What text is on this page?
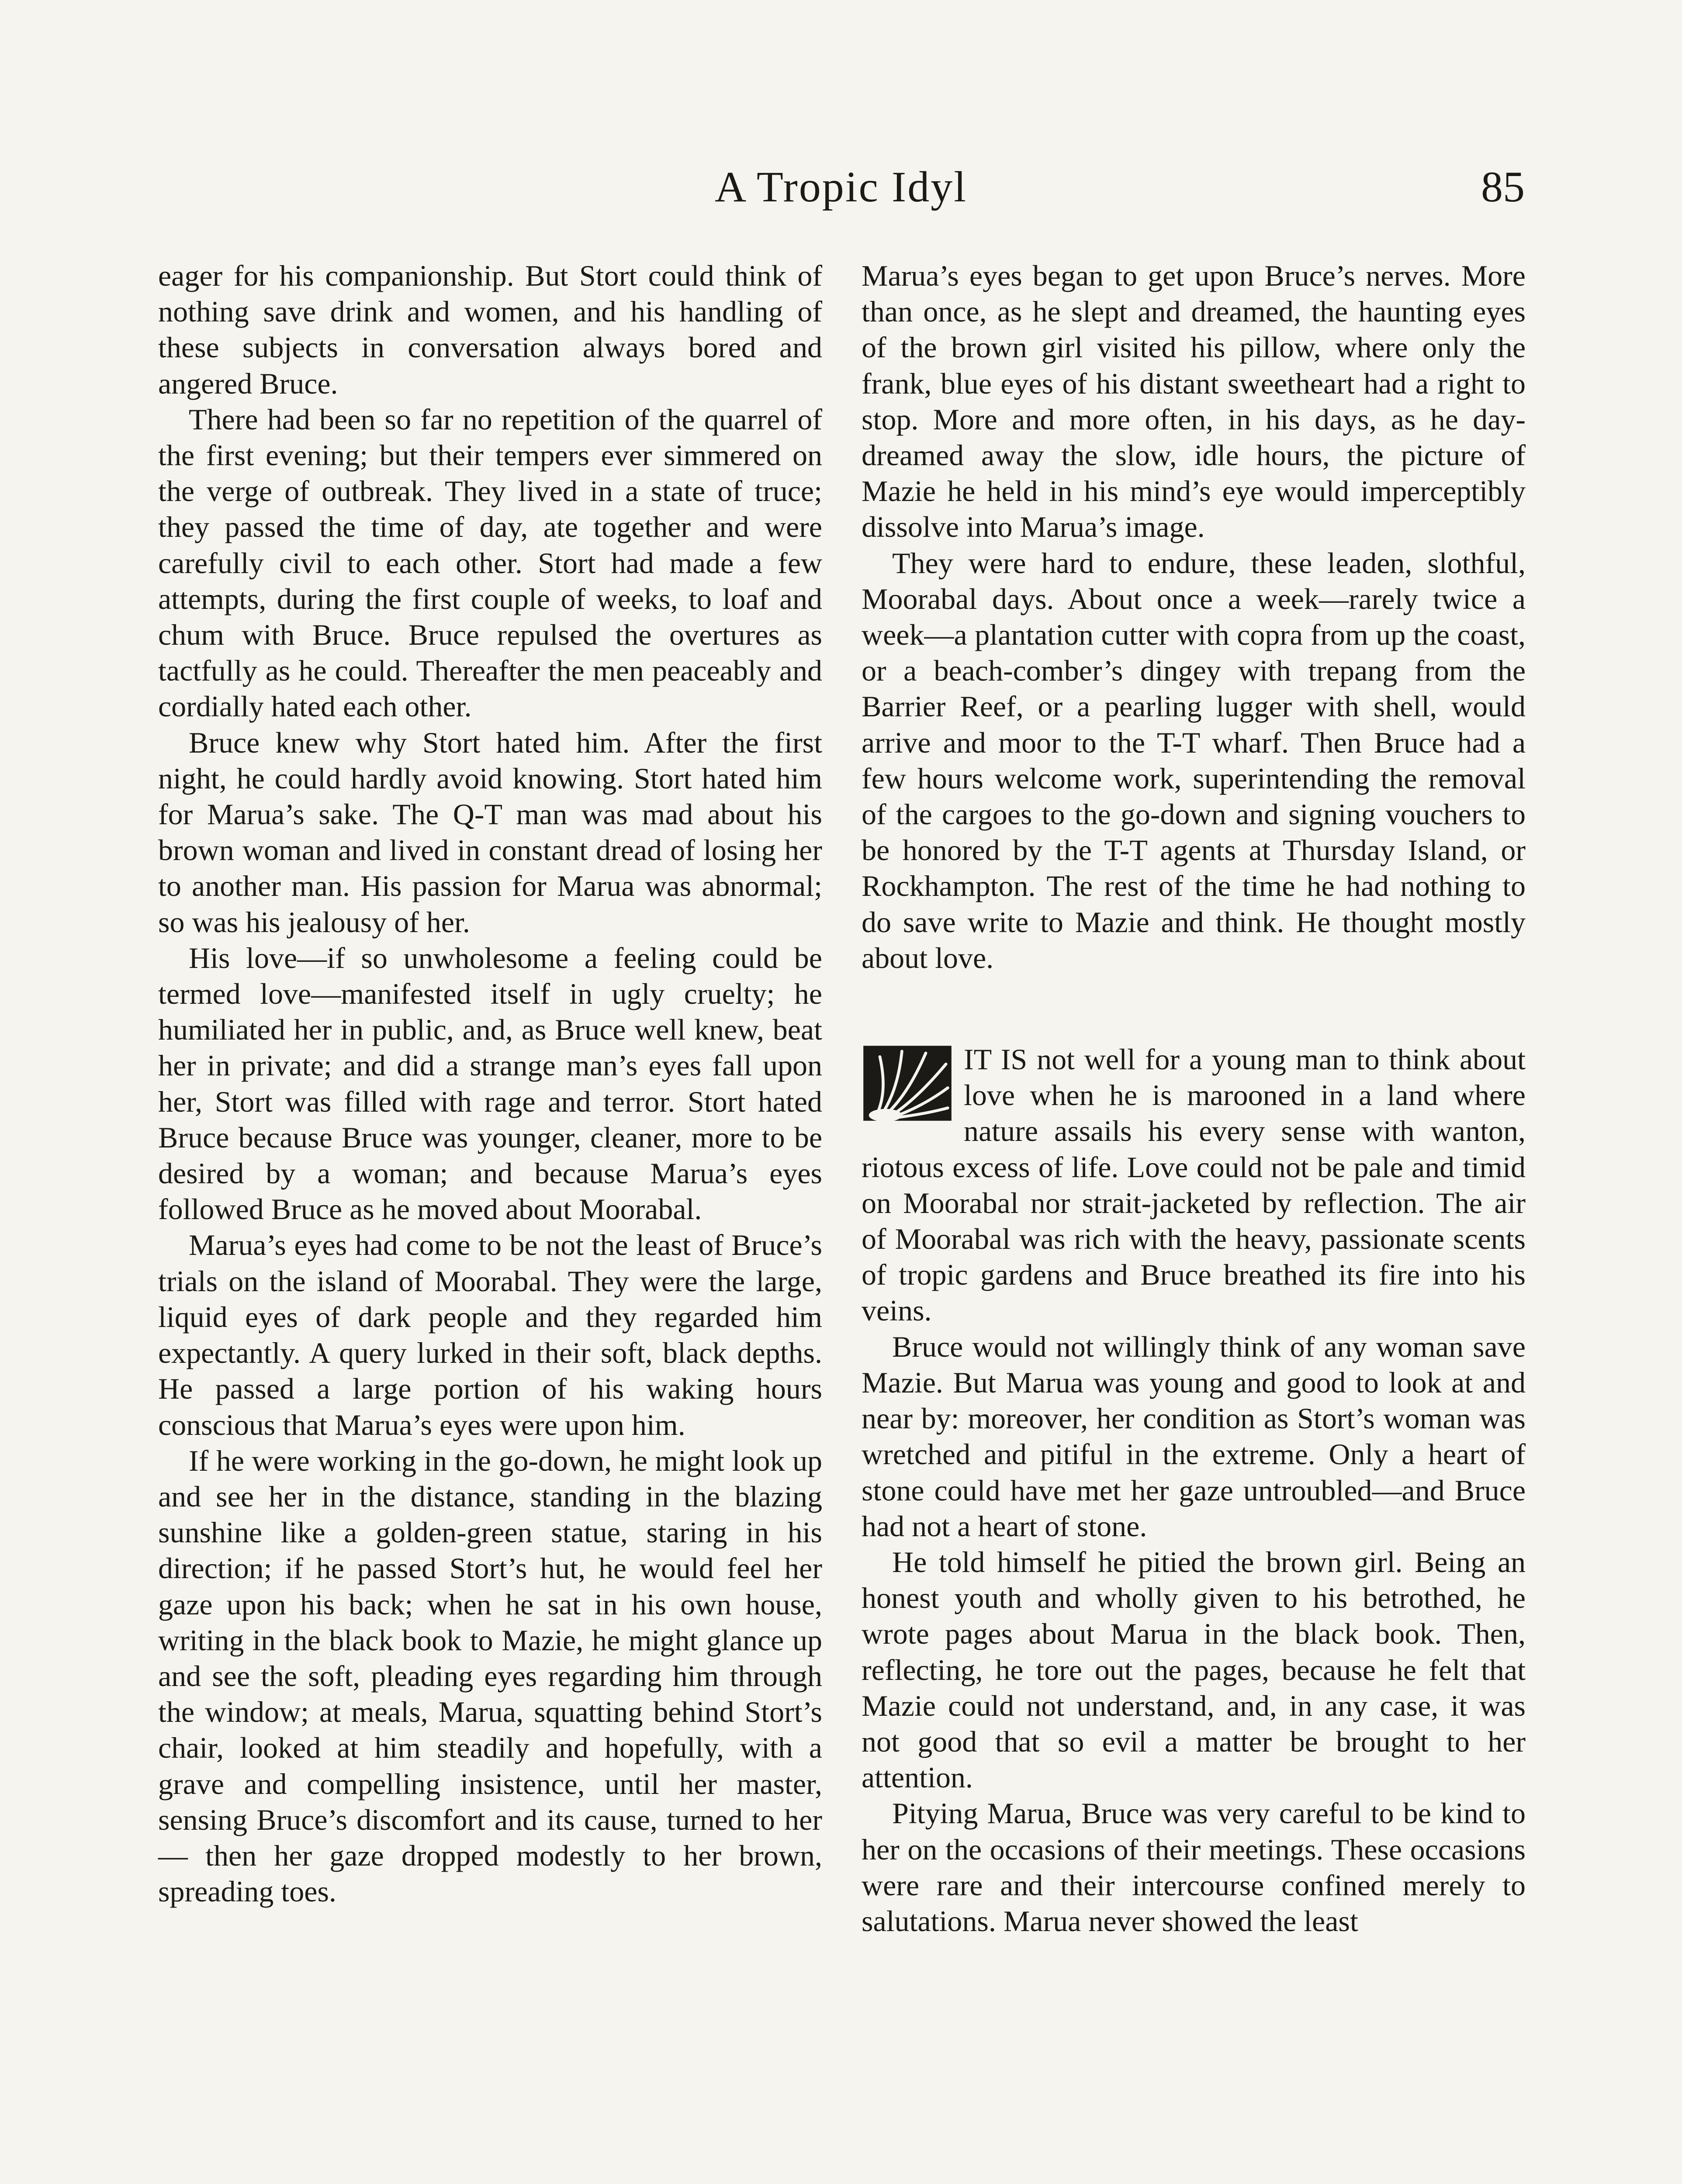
A Tropic Idyl	85

eager for his companionship. But Stort could think of nothing save drink and women, and his handling of these subjects in conversation always bored and angered Bruce.

There had been so far no repetition of the quarrel of the first evening; but their tempers ever simmered on the verge of outbreak. They lived in a state of truce; they passed the time of day, ate together and were carefully civil to each other. Stort had made a few attempts, during the first couple of weeks, to loaf and chum with Bruce. Bruce repulsed the overtures as tactfully as he could. Thereafter the men peaceably and cordially hated each other.

Bruce knew why Stort hated him. After the first night, he could hardly avoid knowing. Stort hated him for Marua’s sake. The Q-T man was mad about his brown woman and lived in constant dread of losing her to another man. His passion for Marua was abnormal; so was his jealousy of her.

His love—if so unwholesome a feeling could be termed love—manifested itself in ugly cruelty; he humiliated her in public, and, as Bruce well knew, beat her in private; and did a strange man’s eyes fall upon her, Stort was filled with rage and terror. Stort hated Bruce because Bruce was younger, cleaner, more to be desired by a woman; and because Marua’s eyes followed Bruce as he moved about Moorabal.

Marua’s eyes had come to be not the least of Bruce’s trials on the island of Moorabal. They were the large, liquid eyes of dark people and they regarded him expectantly. A query lurked in their soft, black depths. He passed a large portion of his waking hours conscious that Marua’s eyes were upon him.

If he were working in the go-down, he might look up and see her in the distance, standing in the blazing sunshine like a golden-green statue, staring in his direction; if he passed Stort’s hut, he would feel her gaze upon his back; when he sat in his own house, writing in the black book to Mazie, he might glance up and see the soft, pleading eyes regarding him through the window; at meals, Marua, squatting behind Stort’s chair, looked at him steadily and hopefully, with a grave and compelling insistence, until her master, sensing Bruce’s discomfort and its cause, turned to her— then her gaze dropped modestly to her brown, spreading toes.

Marua’s eyes began to get upon Bruce’s nerves. More than once, as he slept and dreamed, the haunting eyes of the brown girl visited his pillow, where only the frank, blue eyes of his distant sweetheart had a right to stop. More and more often, in his days, as he day-dreamed away the slow, idle hours, the picture of Mazie he held in his mind’s eye would imperceptibly dissolve into Marua’s image.

They were hard to endure, these leaden, slothful, Moorabal days. About once a week—rarely twice a week—a plantation cutter with copra from up the coast, or a beach-comber’s dingey with trepang from the Barrier Reef, or a pearling lugger with shell, would arrive and moor to the T-T wharf. Then Bruce had a few hours welcome work, superintending the removal of the cargoes to the go-down and signing vouchers to be honored by the T-T agents at Thursday Island, or Rockhampton. The rest of the time he had nothing to do save write to Mazie and think. He thought mostly about love.

IT IS not well for a young man to think about love when he is marooned in a land where nature assails his every sense with wanton, riotous excess of life. Love could not be pale and timid on Moorabal nor strait-jacketed by reflection. The air of Moorabal was rich with the heavy, passionate scents of tropic gardens and Bruce breathed its fire into his veins.

Bruce would not willingly think of any woman save Mazie. But Marua was young and good to look at and near by: moreover, her condition as Stort’s woman was wretched and pitiful in the extreme. Only a heart of stone could have met her gaze untroubled—and Bruce had not a heart of stone.

He told himself he pitied the brown girl. Being an honest youth and wholly given to his betrothed, he wrote pages about Marua in the black book. Then, reflecting, he tore out the pages, because he felt that Mazie could not understand, and, in any case, it was not good that so evil a matter be brought to her attention.

Pitying Marua, Bruce was very careful to be kind to her on the occasions of their meetings. These occasions were rare and their intercourse confined merely to salutations. Marua never showed the least
